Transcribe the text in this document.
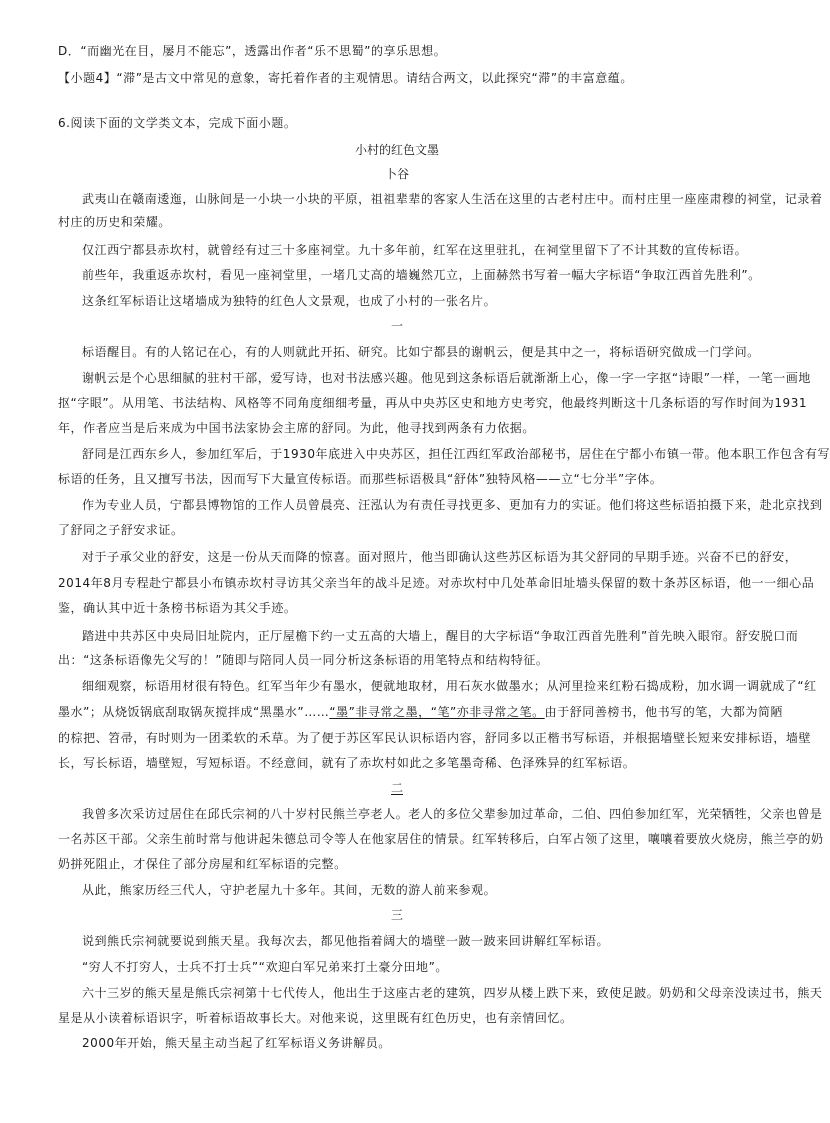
D．“而幽光在目，屡月不能忘”，透露出作者“乐不思蜀”的享乐思想。
【小题4】“滞”是古文中常见的意象，寄托着作者的主观情思。请结合两文，以此探究“滞”的丰富意蕴。
6.阅读下面的文学类文本，完成下面小题。
小村的红色文墨
卜谷
武夷山在赣南逶迤，山脉间是一小块一小块的平原，祖祖辈辈的客家人生活在这里的古老村庄中。而村庄里一座座肃穆的祠堂，记录着
村庄的历史和荣耀。
仅江西宁都县赤坎村，就曾经有过三十多座祠堂。九十多年前，红军在这里驻扎，在祠堂里留下了不计其数的宣传标语。
前些年，我重返赤坎村，看见一座祠堂里，一堵几丈高的墙巍然兀立，上面赫然书写着一幅大字标语“争取江西首先胜利”。
这条红军标语让这堵墙成为独特的红色人文景观，也成了小村的一张名片。
一
标语醒目。有的人铭记在心，有的人则就此开拓、研究。比如宁都县的谢帆云，便是其中之一，将标语研究做成一门学问。
谢帆云是个心思细腻的驻村干部，爱写诗，也对书法感兴趣。他见到这条标语后就渐渐上心，像一字一字抠“诗眼”一样，一笔一画地
抠“字眼”。从用笔、书法结构、风格等不同角度细细考量，再从中央苏区史和地方史考究，他最终判断这十几条标语的写作时间为1931
年，作者应当是后来成为中国书法家协会主席的舒同。为此，他寻找到两条有力依据。
舒同是江西东乡人，参加红军后，于1930年底进入中央苏区，担任江西红军政治部秘书，居住在宁都小布镇一带。他本职工作包含有写
标语的任务，且又擅写书法，因而写下大量宣传标语。而那些标语极具“舒体”独特风格——立“七分半”字体。
作为专业人员，宁都县博物馆的工作人员曾晨亮、汪泓认为有责任寻找更多、更加有力的实证。他们将这些标语拍摄下来，赴北京找到
了舒同之子舒安求证。
对于子承父业的舒安，这是一份从天而降的惊喜。面对照片，他当即确认这些苏区标语为其父舒同的早期手迹。兴奋不已的舒安，
2014年8月专程赴宁都县小布镇赤坎村寻访其父亲当年的战斗足迹。对赤坎村中几处革命旧址墙头保留的数十条苏区标语，他一一细心品
鉴，确认其中近十条榜书标语为其父手迹。
踏进中共苏区中央局旧址院内，正厅屋檐下约一丈五高的大墙上，醒目的大字标语“争取江西首先胜利”首先映入眼帘。舒安脱口而
出：“这条标语像先父写的！”随即与陪同人员一同分析这条标语的用笔特点和结构特征。
细细观察，标语用材很有特色。红军当年少有墨水，便就地取材，用石灰水做墨水；从河里捡来红粉石捣成粉，加水调一调就成了“红
墨水”；从烧饭锅底刮取锅灰搅拌成“黑墨水”……“墨”非寻常之墨，“笔”亦非寻常之笔。由于舒同善榜书，他书写的笔，大都为简陋
的棕把、笤帚，有时则为一团柔软的禾草。为了便于苏区军民认识标语内容，舒同多以正楷书写标语，并根据墙壁长短来安排标语，墙壁
长，写长标语，墙壁短，写短标语。不经意间，就有了赤坎村如此之多笔墨奇稀、色泽殊异的红军标语。
二
我曾多次采访过居住在邱氏宗祠的八十岁村民熊兰亭老人。老人的多位父辈参加过革命，二伯、四伯参加红军，光荣牺牲，父亲也曾是
一名苏区干部。父亲生前时常与他讲起朱德总司令等人在他家居住的情景。红军转移后，白军占领了这里，嚷嚷着要放火烧房，熊兰亭的奶
奶拼死阻止，才保住了部分房屋和红军标语的完整。
从此，熊家历经三代人，守护老屋九十多年。其间，无数的游人前来参观。
三
说到熊氏宗祠就要说到熊天星。我每次去，都见他指着阔大的墙壁一跛一跛来回讲解红军标语。
“穷人不打穷人，士兵不打士兵”“欢迎白军兄弟来打土豪分田地”。
六十三岁的熊天星是熊氏宗祠第十七代传人，他出生于这座古老的建筑，四岁从楼上跌下来，致使足跛。奶奶和父母亲没读过书，熊天
星是从小读着标语识字，听着标语故事长大。对他来说，这里既有红色历史，也有亲情回忆。
2000年开始，熊天星主动当起了红军标语义务讲解员。
